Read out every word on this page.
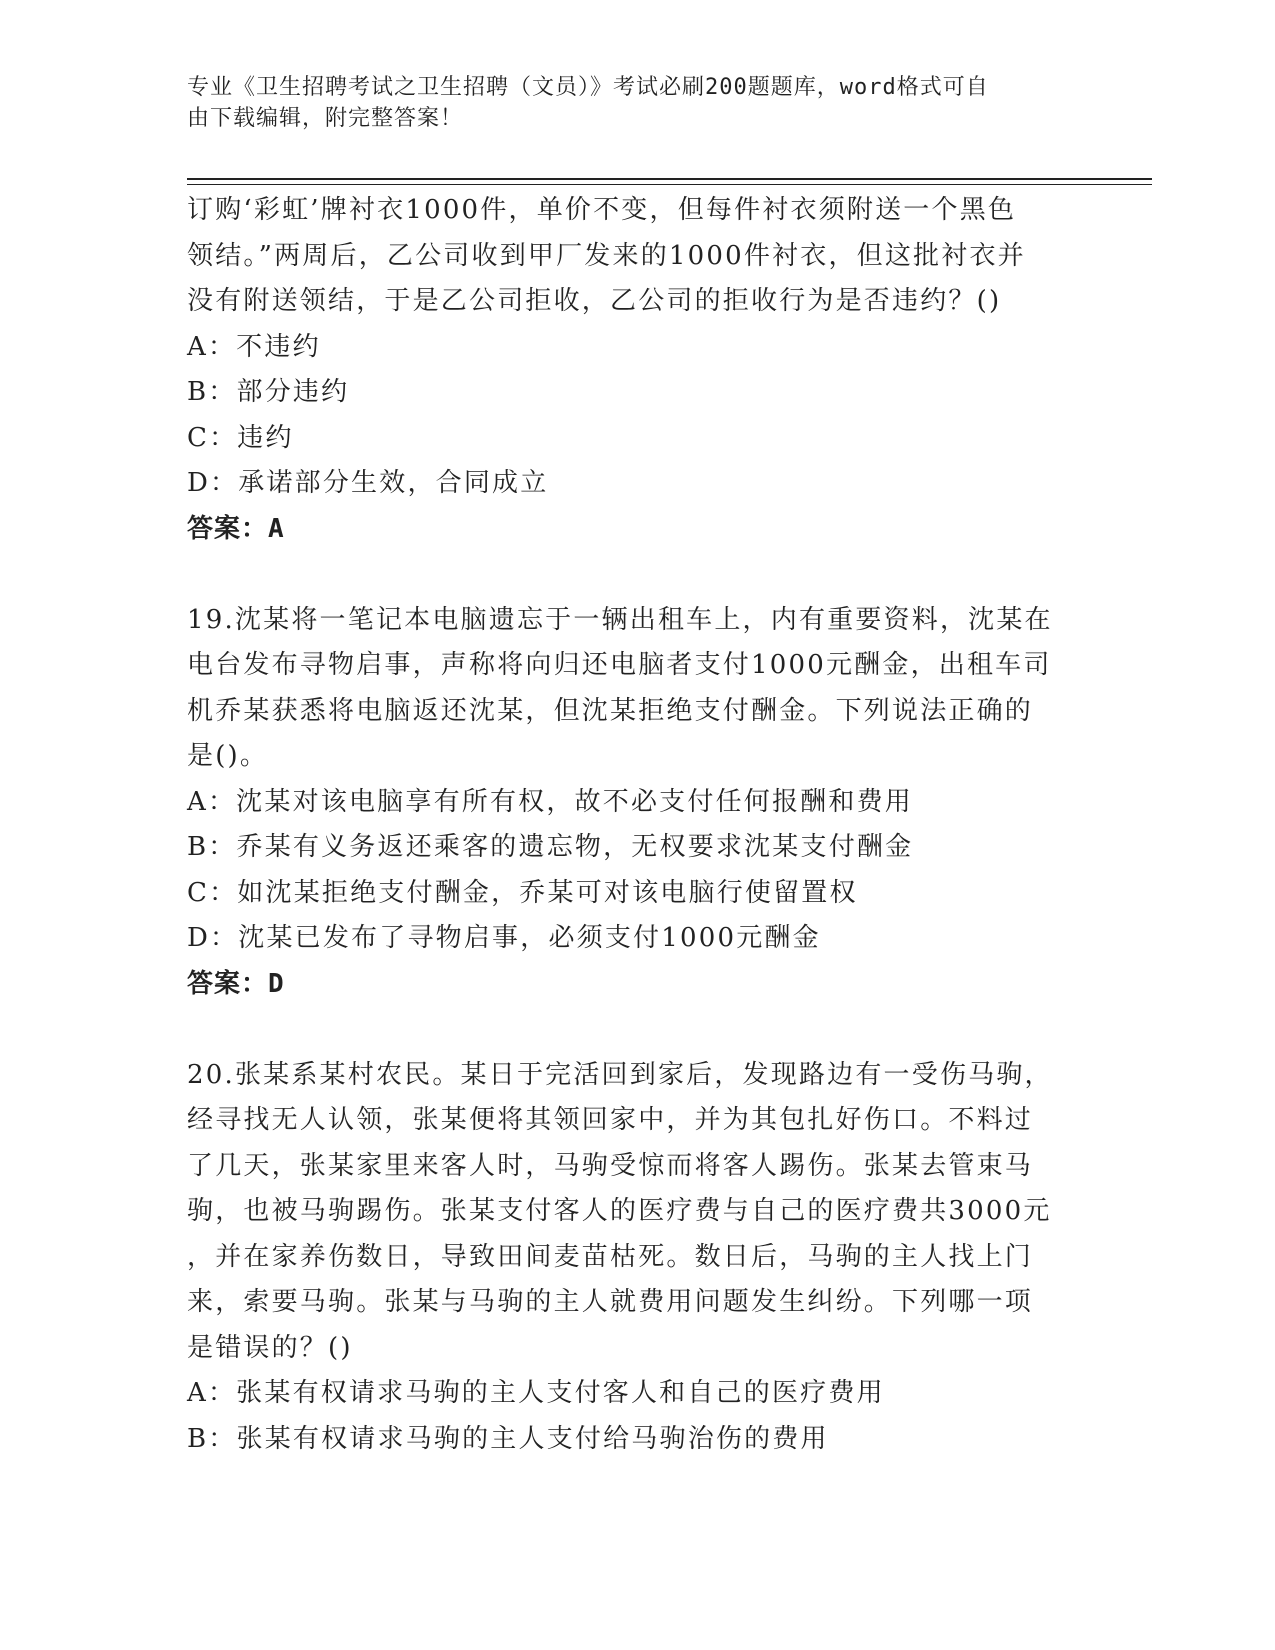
专业《卫生招聘考试之卫生招聘（文员）》考试必刷200题题库，word格式可自
由下载编辑，附完整答案！

订购‘彩虹’牌衬衣1000件，单价不变，但每件衬衣须附送一个黑色

领结。”两周后，乙公司收到甲厂发来的1000件衬衣，但这批衬衣并

没有附送领结，于是乙公司拒收，乙公司的拒收行为是否违约？()

A：不违约

B：部分违约

C：违约

D：承诺部分生效，合同成立

答案：A

19.沈某将一笔记本电脑遗忘于一辆出租车上，内有重要资料，沈某在

电台发布寻物启事，声称将向归还电脑者支付1000元酬金，出租车司

机乔某获悉将电脑返还沈某，但沈某拒绝支付酬金。下列说法正确的

是()。

A：沈某对该电脑享有所有权，故不必支付任何报酬和费用

B：乔某有义务返还乘客的遗忘物，无权要求沈某支付酬金

C：如沈某拒绝支付酬金，乔某可对该电脑行使留置权

D：沈某已发布了寻物启事，必须支付1000元酬金

答案：D

20.张某系某村农民。某日于完活回到家后，发现路边有一受伤马驹，

经寻找无人认领，张某便将其领回家中，并为其包扎好伤口。不料过

了几天，张某家里来客人时，马驹受惊而将客人踢伤。张某去管束马

驹，也被马驹踢伤。张某支付客人的医疗费与自己的医疗费共3000元

，并在家养伤数日，导致田间麦苗枯死。数日后，马驹的主人找上门

来，索要马驹。张某与马驹的主人就费用问题发生纠纷。下列哪一项

是错误的？()

A：张某有权请求马驹的主人支付客人和自己的医疗费用

B：张某有权请求马驹的主人支付给马驹治伤的费用
